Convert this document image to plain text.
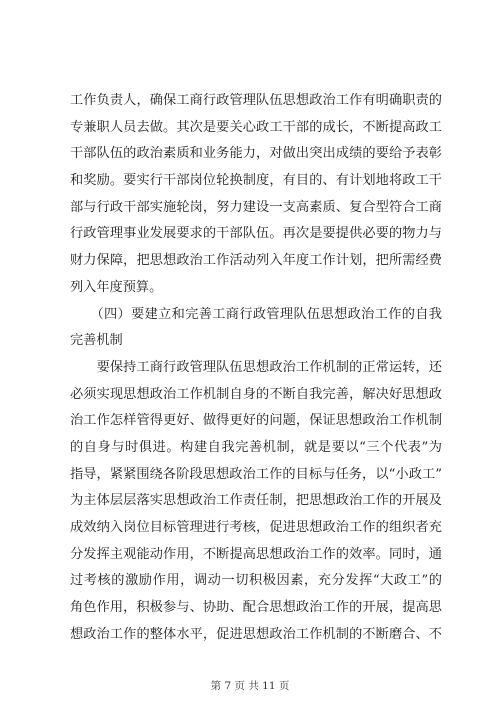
工作负责人，确保工商行政管理队伍思想政治工作有明确职责的
专兼职人员去做。其次是要关心政工干部的成长，不断提高政工
干部队伍的政治素质和业务能力，对做出突出成绩的要给予表彰
和奖励。要实行干部岗位轮换制度，有目的、有计划地将政工干
部与行政干部实施轮岗，努力建设一支高素质、复合型符合工商
行政管理事业发展要求的干部队伍。再次是要提供必要的物力与
财力保障，把思想政治工作活动列入年度工作计划，把所需经费
列入年度预算。
　　（四）要建立和完善工商行政管理队伍思想政治工作的自我
完善机制
　　要保持工商行政管理队伍思想政治工作机制的正常运转，还
必须实现思想政治工作机制自身的不断自我完善，解决好思想政
治工作怎样管得更好、做得更好的问题，保证思想政治工作机制
的自身与时俱进。构建自我完善机制，就是要以“三个代表”为
指导，紧紧围绕各阶段思想政治工作的目标与任务，以“小政工”
为主体层层落实思想政治工作责任制，把思想政治工作的开展及
成效纳入岗位目标管理进行考核，促进思想政治工作的组织者充
分发挥主观能动作用，不断提高思想政治工作的效率。同时，通
过考核的激励作用，调动一切积极因素，充分发挥“大政工”的
角色作用，积极参与、协助、配合思想政治工作的开展，提高思
想政治工作的整体水平，促进思想政治工作机制的不断磨合、不
第 7 页 共 11 页
